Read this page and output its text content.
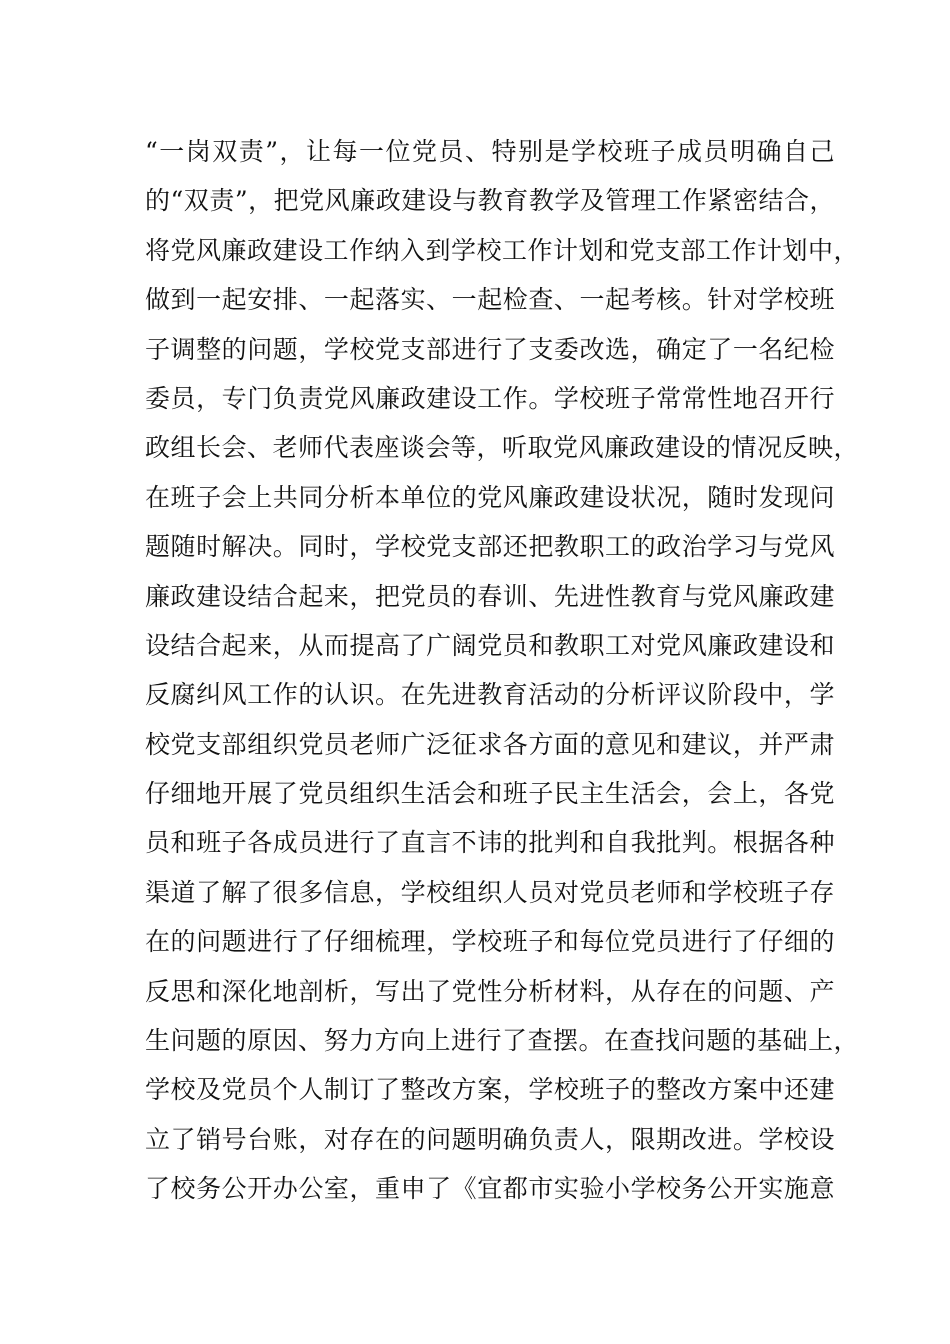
“一岗双责”，让每一位党员、特别是学校班子成员明确自己
的“双责”，把党风廉政建设与教育教学及管理工作紧密结合，
将党风廉政建设工作纳入到学校工作计划和党支部工作计划中，
做到一起安排、一起落实、一起检查、一起考核。针对学校班
子调整的问题，学校党支部进行了支委改选，确定了一名纪检
委员，专门负责党风廉政建设工作。学校班子常常性地召开行
政组长会、老师代表座谈会等，听取党风廉政建设的情况反映，
在班子会上共同分析本单位的党风廉政建设状况，随时发现问
题随时解决。同时，学校党支部还把教职工的政治学习与党风
廉政建设结合起来，把党员的春训、先进性教育与党风廉政建
设结合起来，从而提高了广阔党员和教职工对党风廉政建设和
反腐纠风工作的认识。在先进教育活动的分析评议阶段中，学
校党支部组织党员老师广泛征求各方面的意见和建议，并严肃
仔细地开展了党员组织生活会和班子民主生活会，会上，各党
员和班子各成员进行了直言不讳的批判和自我批判。根据各种
渠道了解了很多信息，学校组织人员对党员老师和学校班子存
在的问题进行了仔细梳理，学校班子和每位党员进行了仔细的
反思和深化地剖析，写出了党性分析材料，从存在的问题、产
生问题的原因、努力方向上进行了查摆。在查找问题的基础上，
学校及党员个人制订了整改方案，学校班子的整改方案中还建
立了销号台账，对存在的问题明确负责人，限期改进。学校设
了校务公开办公室，重申了《宜都市实验小学校务公开实施意
